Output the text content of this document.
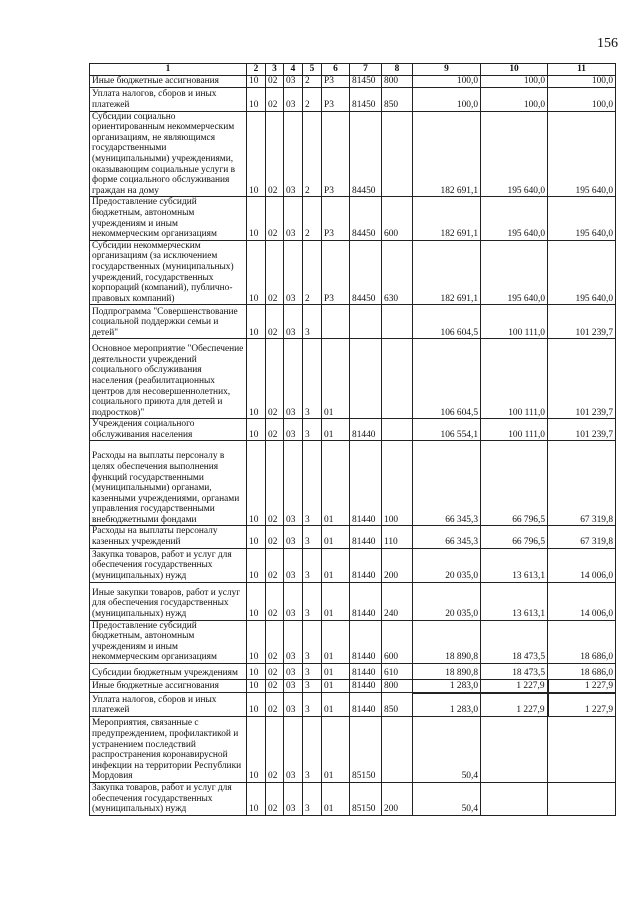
156
1	2	3	4	5	6	7	8	9	10	11
Иные бюджетные ассигнования	10	02	03	2	Р3	81450	800	100,0	100,0	100,0
Уплата налогов, сборов и иных платежей	10	02	03	2	Р3	81450	850	100,0	100,0	100,0
Субсидии социально ориентированным некоммерческим организациям, не являющимся государственными (муниципальными) учреждениями, оказывающим социальные услуги в форме социального обслуживания граждан на дому	10	02	03	2	Р3	84450		182 691,1	195 640,0	195 640,0
Предоставление субсидий бюджетным, автономным учреждениям и иным некоммерческим организациям	10	02	03	2	Р3	84450	600	182 691,1	195 640,0	195 640,0
Субсидии некоммерческим организациям (за исключением государственных (муниципальных) учреждений, государственных корпораций (компаний), публично-правовых компаний)	10	02	03	2	Р3	84450	630	182 691,1	195 640,0	195 640,0
Подпрограмма "Совершенствование социальной поддержки семьи и детей"	10	02	03	3				106 604,5	100 111,0	101 239,7
Основное мероприятие "Обеспечение деятельности учреждений социального обслуживания населения (реабилитационных центров для несовершеннолетних, социального приюта для детей и подростков)"	10	02	03	3	01			106 604,5	100 111,0	101 239,7
Учреждения социального обслуживания населения	10	02	03	3	01	81440		106 554,1	100 111,0	101 239,7
Расходы на выплаты персоналу в целях обеспечения выполнения функций государственными (муниципальными) органами, казенными учреждениями, органами управления государственными внебюджетными фондами	10	02	03	3	01	81440	100	66 345,3	66 796,5	67 319,8
Расходы на выплаты персоналу казенных учреждений	10	02	03	3	01	81440	110	66 345,3	66 796,5	67 319,8
Закупка товаров, работ и услуг для обеспечения государственных (муниципальных) нужд	10	02	03	3	01	81440	200	20 035,0	13 613,1	14 006,0
Иные закупки товаров, работ и услуг для обеспечения государственных (муниципальных) нужд	10	02	03	3	01	81440	240	20 035,0	13 613,1	14 006,0
Предоставление субсидий бюджетным, автономным учреждениям и иным некоммерческим организациям	10	02	03	3	01	81440	600	18 890,8	18 473,5	18 686,0
Субсидии бюджетным учреждениям	10	02	03	3	01	81440	610	18 890,8	18 473,5	18 686,0
Иные бюджетные ассигнования	10	02	03	3	01	81440	800	1 283,0	1 227,9	1 227,9
Уплата налогов, сборов и иных платежей	10	02	03	3	01	81440	850	1 283,0	1 227,9	1 227,9
Мероприятия, связанные с предупреждением, профилактикой и устранением последствий распространения коронавирусной инфекции на территории Республики Мордовия	10	02	03	3	01	85150		50,4		
Закупка товаров, работ и услуг для обеспечения государственных (муниципальных) нужд	10	02	03	3	01	85150	200	50,4		
